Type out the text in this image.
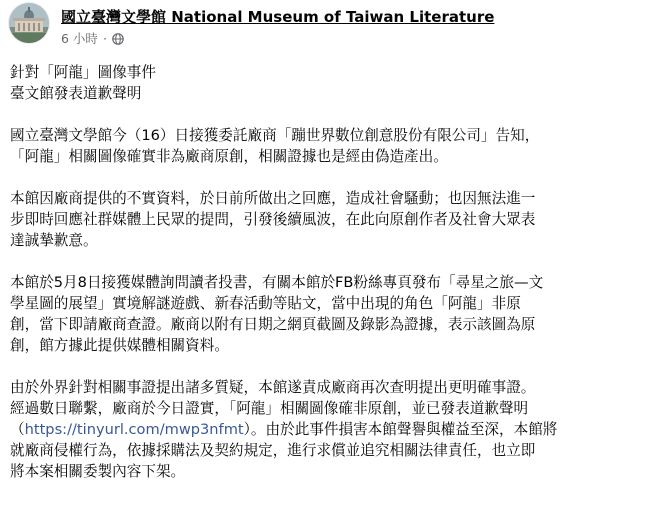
國立臺灣文學館 National Museum of Taiwan Literature
6 小時 ·
針對「阿龍」圖像事件
臺文館發表道歉聲明
國立臺灣文學館今（16）日接獲委託廠商「蹦世界數位創意股份有限公司」告知，
「阿龍」相關圖像確實非為廠商原創，相關證據也是經由偽造產出。
本館因廠商提供的不實資料，於日前所做出之回應，造成社會騷動；也因無法進一
步即時回應社群媒體上民眾的提問，引發後續風波，在此向原創作者及社會大眾表
達誠摯歉意。
本館於5月8日接獲媒體詢問讀者投書，有關本館於FB粉絲專頁發布「尋星之旅—文
學星圖的展望」實境解謎遊戲、新春活動等貼文，當中出現的角色「阿龍」非原
創，當下即請廠商查證。廠商以附有日期之網頁截圖及錄影為證據，表示該圖為原
創，館方據此提供媒體相關資料。
由於外界針對相關事證提出諸多質疑，本館遂責成廠商再次查明提出更明確事證。
經過數日聯繫，廠商於今日證實，「阿龍」相關圖像確非原創，並已發表道歉聲明
（https://tinyurl.com/mwp3nfmt）。由於此事件損害本館聲譽與權益至深，本館將
就廠商侵權行為，依據採購法及契約規定，進行求償並追究相關法律責任，也立即
將本案相關委製內容下架。
